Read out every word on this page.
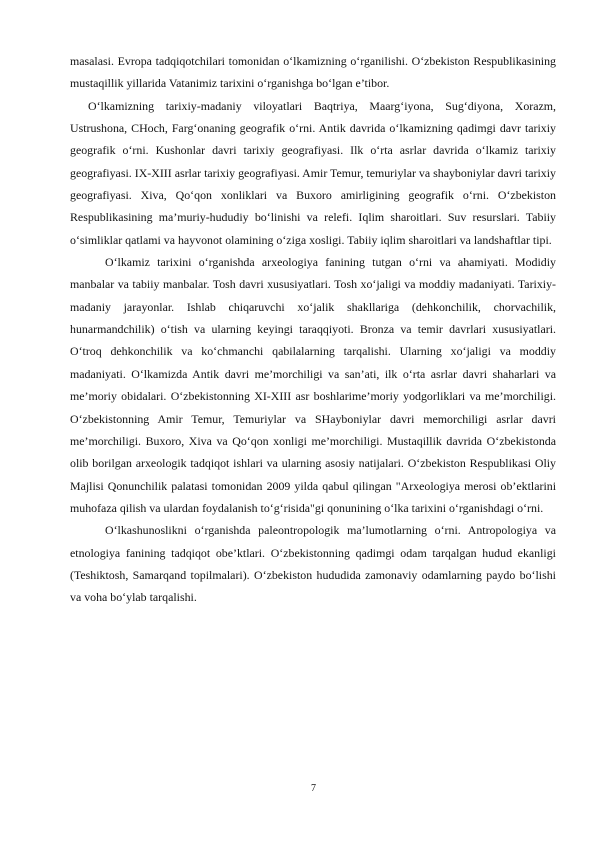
masalasi. Evropa tadqiqotchilari tomonidan o‘lkamizning o‘rganilishi. O‘zbekiston Respublikasining mustaqillik yillarida Vatanimiz tarixini o‘rganishga bo‘lgan e’tibor.

O‘lkamizning tarixiy-madaniy viloyatlari Baqtriya, Maarg‘iyona, Sug‘diyona, Xorazm, Ustrushona, CHoch, Farg‘onaning geografik o‘rni. Antik davrida o‘lkamizning qadimgi davr tarixiy geografik o‘rni. Kushonlar davri tarixiy geografiyasi. Ilk o‘rta asrlar davrida o‘lkamiz tarixiy geografiyasi. IX-XIII asrlar tarixiy geografiyasi. Amir Temur, temuriylar va shayboniylar davri tarixiy geografiyasi. Xiva, Qo‘qon xonliklari va Buxoro amirligining geografik o‘rni. O‘zbekiston Respublikasining ma’muriy-hududiy bo‘linishi va relefi. Iqlim sharoitlari. Suv resurslari. Tabiiy o‘simliklar qatlami va hayvonot olamining o‘ziga xosligi. Tabiiy iqlim sharoitlari va landshaftlar tipi.

O‘lkamiz tarixini o‘rganishda arxeologiya fanining tutgan o‘rni va ahamiyati. Modidiy manbalar va tabiiy manbalar. Tosh davri xususiyatlari. Tosh xo‘jaligi va moddiy madaniyati. Tarixiy-madaniy jarayonlar. Ishlab chiqaruvchi xo‘jalik shakllariga (dehkonchilik, chorvachilik, hunarmandchilik) o‘tish va ularning keyingi taraqqiyoti. Bronza va temir davrlari xususiyatlari. O‘troq dehkonchilik va ko‘chmanchi qabilalarning tarqalishi. Ularning xo‘jaligi va moddiy madaniyati. O‘lkamizda Antik davri me’morchiligi va san’ati, ilk o‘rta asrlar davri shaharlari va me’moriy obidalari. O‘zbekistonning XI-XIII asr boshlarime’moriy yodgorliklari va me’morchiligi. O‘zbekistonning Amir Temur, Temuriylar va SHayboniylar davri memorchiligi asrlar davri me’morchiligi. Buxoro, Xiva va Qo‘qon xonligi me’morchiligi. Mustaqillik davrida O‘zbekistonda olib borilgan arxeologik tadqiqot ishlari va ularning asosiy natijalari. O‘zbekiston Respublikasi Oliy Majlisi Qonunchilik palatasi tomonidan 2009 yilda qabul qilingan "Arxeologiya merosi ob’ektlarini muhofaza qilish va ulardan foydalanish to‘g‘risida"gi qonunining o‘lka tarixini o‘rganishdagi o‘rni.

O‘lkashunoslikni o‘rganishda paleontropologik ma’lumotlarning o‘rni. Antropologiya va etnologiya fanining tadqiqot obe’ktlari. O‘zbekistonning qadimgi odam tarqalgan hudud ekanligi (Teshiktosh, Samarqand topilmalari). O‘zbekiston hududida zamonaviy odamlarning paydo bo‘lishi va voha bo‘ylab tarqalishi.

7
